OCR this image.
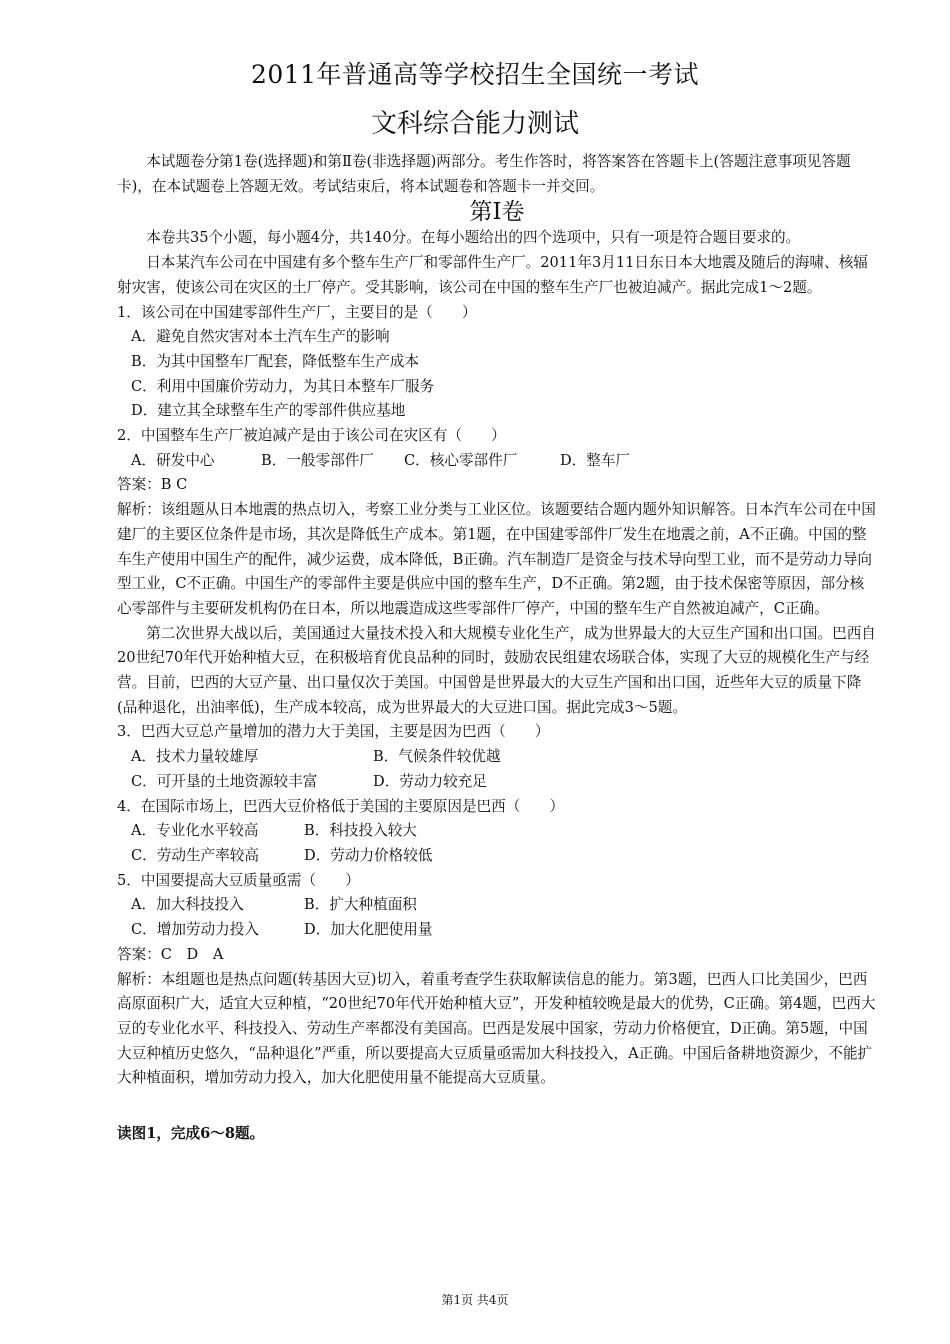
2011年普通高等学校招生全国统一考试
文科综合能力测试

本试题卷分第1卷(选择题)和第Ⅱ卷(非选择题)两部分。考生作答时，将答案答在答题卡上(答题注意事项见答题卡)，在本试题卷上答题无效。考试结束后，将本试题卷和答题卡一并交回。

第Ⅰ卷

本卷共35个小题，每小题4分，共140分。在每小题给出的四个选项中，只有一项是符合题目要求的。

日本某汽车公司在中国建有多个整车生产厂和零部件生产厂。2011年3月11日东日本大地震及随后的海啸、核辐射灾害，使该公司在灾区的土厂停产。受其影响，该公司在中国的整车生产厂也被迫减产。据此完成1～2题。

1．该公司在中国建零部件生产厂，主要目的是（　　）

A．避免自然灾害对本土汽车生产的影响

B．为其中国整车厂配套，降低整车生产成本

C．利用中国廉价劳动力，为其日本整车厂服务

D．建立其全球整车生产的零部件供应基地

2．中国整车生产厂被迫减产是由于该公司在灾区有（　　）

A．研发中心	B．一般零部件厂	C．核心零部件厂	D．整车厂

答案：B C

解析：该组题从日本地震的热点切入，考察工业分类与工业区位。该题要结合题内题外知识解答。日本汽车公司在中国建厂的主要区位条件是市场，其次是降低生产成本。第1题，在中国建零部件厂发生在地震之前，A不正确。中国的整车生产使用中国生产的配件，减少运费，成本降低，B正确。汽车制造厂是资金与技术导向型工业，而不是劳动力导向型工业，C不正确。中国生产的零部件主要是供应中国的整车生产，D不正确。第2题，由于技术保密等原因，部分核心零部件与主要研发机构仍在日本，所以地震造成这些零部件厂停产，中国的整车生产自然被迫减产，C正确。

第二次世界大战以后，美国通过大量技术投入和大规模专业化生产，成为世界最大的大豆生产国和出口国。巴西自20世纪70年代开始种植大豆，在积极培育优良品种的同时，鼓励农民组建农场联合体，实现了大豆的规模化生产与经营。目前，巴西的大豆产量、出口量仅次于美国。中国曾是世界最大的大豆生产国和出口国，近些年大豆的质量下降(品种退化，出油率低)，生产成本较高，成为世界最大的大豆进口国。据此完成3～5题。

3．巴西大豆总产量增加的潜力大于美国，主要是因为巴西（　　）

A．技术力量较雄厚	B．气候条件较优越
C．可开垦的土地资源较丰富	D．劳动力较充足

4．在国际市场上，巴西大豆价格低于美国的主要原因是巴西（　　）

A．专业化水平较高	B．科技投入较大
C．劳动生产率较高	D．劳动力价格较低

5．中国要提高大豆质量亟需（　　）

A．加大科技投入	B．扩大种植面积
C．增加劳动力投入	D．加大化肥使用量

答案：C　D　A

解析：本组题也是热点问题(转基因大豆)切入，着重考查学生获取解读信息的能力。第3题，巴西人口比美国少，巴西高原面积广大，适宜大豆种植，“20世纪70年代开始种植大豆”，开发种植较晚是最大的优势，C正确。第4题，巴西大豆的专业化水平、科技投入、劳动生产率都没有美国高。巴西是发展中国家，劳动力价格便宜，D正确。第5题，中国大豆种植历史悠久，“品种退化”严重，所以要提高大豆质量亟需加大科技投入，A正确。中国后备耕地资源少，不能扩大种植面积，增加劳动力投入，加大化肥使用量不能提高大豆质量。

读图1，完成6～8题。

第1页 共4页
